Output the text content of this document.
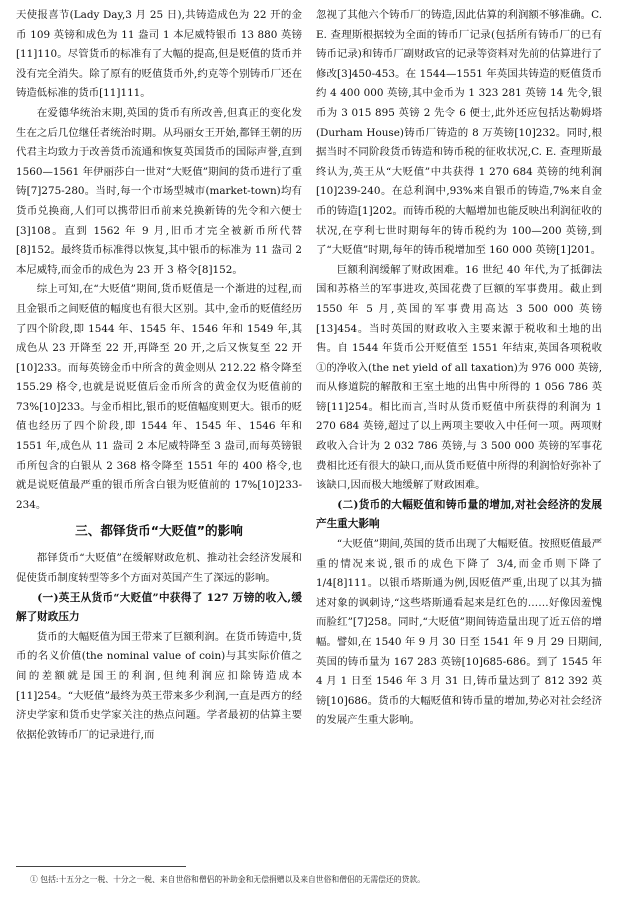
天使报喜节(Lady Day,3 月 25 日),共铸造成色为 22 开的金币 109 英镑和成色为 11 盎司 1 本尼威特银币 13 880 英镑[11]110。尽管货币的标准有了大幅的提高,但是贬值的货币并没有完全消失。除了原有的贬值货币外,约克等个别铸币厂还在铸造低标准的货币[11]111。

在爱德华统治末期,英国的货币有所改善,但真正的变化发生在之后几位继任者统治时期。从玛丽女王开始,都铎王朝的历代君主均致力于改善货币流通和恢复英国货币的国际声誉,直到 1560—1561 年伊丽莎白一世对“大贬值”期间的货币进行了重铸[7]275-280。当时,每一个市场型城市(market-town)均有货币兑换商,人们可以携带旧币前来兑换新铸的先令和六便士[3]108。直到 1562 年 9 月,旧币才完全被新币所代替[8]152。最终货币标准得以恢复,其中银币的标准为 11 盎司 2 本尼威特,而金币的成色为 23 开 3 格令[8]152。

综上可知,在“大贬值”期间,货币贬值是一个渐进的过程,而且金银币之间贬值的幅度也有很大区别。其中,金币的贬值经历了四个阶段,即 1544 年、1545 年、1546 年和 1549 年,其成色从 23 开降至 22 开,再降至 20 开,之后又恢复至 22 开[10]233。而每英镑金币中所含的黄金则从 212.22 格令降至 155.29 格令,也就是说贬值后金币所含的黄金仅为贬值前的 73%[10]233。与金币相比,银币的贬值幅度则更大。银币的贬值也经历了四个阶段,即 1544 年、1545 年、1546 年和 1551 年,成色从 11 盎司 2 本尼威特降至 3 盎司,而每英镑银币所包含的白银从 2 368 格令降至 1551 年的 400 格令,也就是说贬值最严重的银币所含白银为贬值前的 17%[10]233-234。

三、都铎货币“大贬值”的影响

都铎货币“大贬值”在缓解财政危机、推动社会经济发展和促使货币制度转型等多个方面对英国产生了深远的影响。

(一)英王从货币“大贬值”中获得了 127 万镑的收入,缓解了财政压力

货币的大幅贬值为国王带来了巨额利润。在货币铸造中,货币的名义价值(the nominal value of coin)与其实际价值之间的差额就是国王的利润,但纯利润应扣除铸造成本[11]254。“大贬值”最终为英王带来多少利润,一直是西方的经济史学家和货币史学家关注的热点问题。学者最初的估算主要依据伦敦铸币厂的记录进行,而

忽视了其他六个铸币厂的铸造,因此估算的利润额不够准确。C. E. 查理斯根据较为全面的铸币厂记录(包括所有铸币厂的已有铸币记录)和铸币厂副财政官的记录等资料对先前的估算进行了修改[3]450-453。在 1544—1551 年英国共铸造的贬值货币约 4 400 000 英镑,其中金币为 1 323 281 英镑 14 先令,银币为 3 015 895 英镑 2 先令 6 便士,此外还应包括达勒姆塔(Durham House)铸币厂铸造的 8 万英镑[10]232。同时,根据当时不同阶段货币铸造和铸币税的征收状况,C. E. 查理斯最终认为,英王从“大贬值”中共获得 1 270 684 英镑的纯利润[10]239-240。在总利润中,93%来自银币的铸造,7%来自金币的铸造[1]202。而铸币税的大幅增加也能反映出利润征收的状况,在亨利七世时期每年的铸币税约为 100—200 英镑,到了“大贬值”时期,每年的铸币税增加至 160 000 英镑[1]201。

巨额利润缓解了财政困难。16 世纪 40 年代,为了抵御法国和苏格兰的军事进攻,英国花费了巨额的军事费用。截止到 1550 年 5 月,英国的军事费用高达 3 500 000 英镑[13]454。当时英国的财政收入主要来源于税收和土地的出售。自 1544 年货币公开贬值至 1551 年结束,英国各项税收①的净收入(the net yield of all taxation)为 976 000 英镑,而从修道院的解散和王室土地的出售中所得的 1 056 786 英镑[11]254。相比而言,当时从货币贬值中所获得的利润为 1 270 684 英镑,超过了以上两项主要收入中任何一项。两项财政收入合计为 2 032 786 英镑,与 3 500 000 英镑的军事花费相比还有很大的缺口,而从货币贬值中所得的利润恰好弥补了该缺口,因而极大地缓解了财政困难。

(二)货币的大幅贬值和铸币量的增加,对社会经济的发展产生重大影响

“大贬值”期间,英国的货币出现了大幅贬值。按照贬值最严重的情况来说,银币的成色下降了 3/4,而金币则下降了 1/4[8]111。以银币塔斯通为例,因贬值严重,出现了以其为描述对象的讽刺诗,“这些塔斯通看起来是红色的……好像因羞愧而脸红”[7]258。同时,“大贬值”期间铸造量出现了近五倍的增幅。譬如,在 1540 年 9 月 30 日至 1541 年 9 月 29 日期间,英国的铸币量为 167 283 英镑[10]685-686。到了 1545 年 4 月 1 日至 1546 年 3 月 31 日,铸币量达到了 812 392 英镑[10]686。货币的大幅贬值和铸币量的增加,势必对社会经济的发展产生重大影响。

① 包括:十五分之一税、十分之一税、来自世俗和僧侣的补助金和无偿捐赠以及来自世俗和僧侣的无需偿还的贷款。
